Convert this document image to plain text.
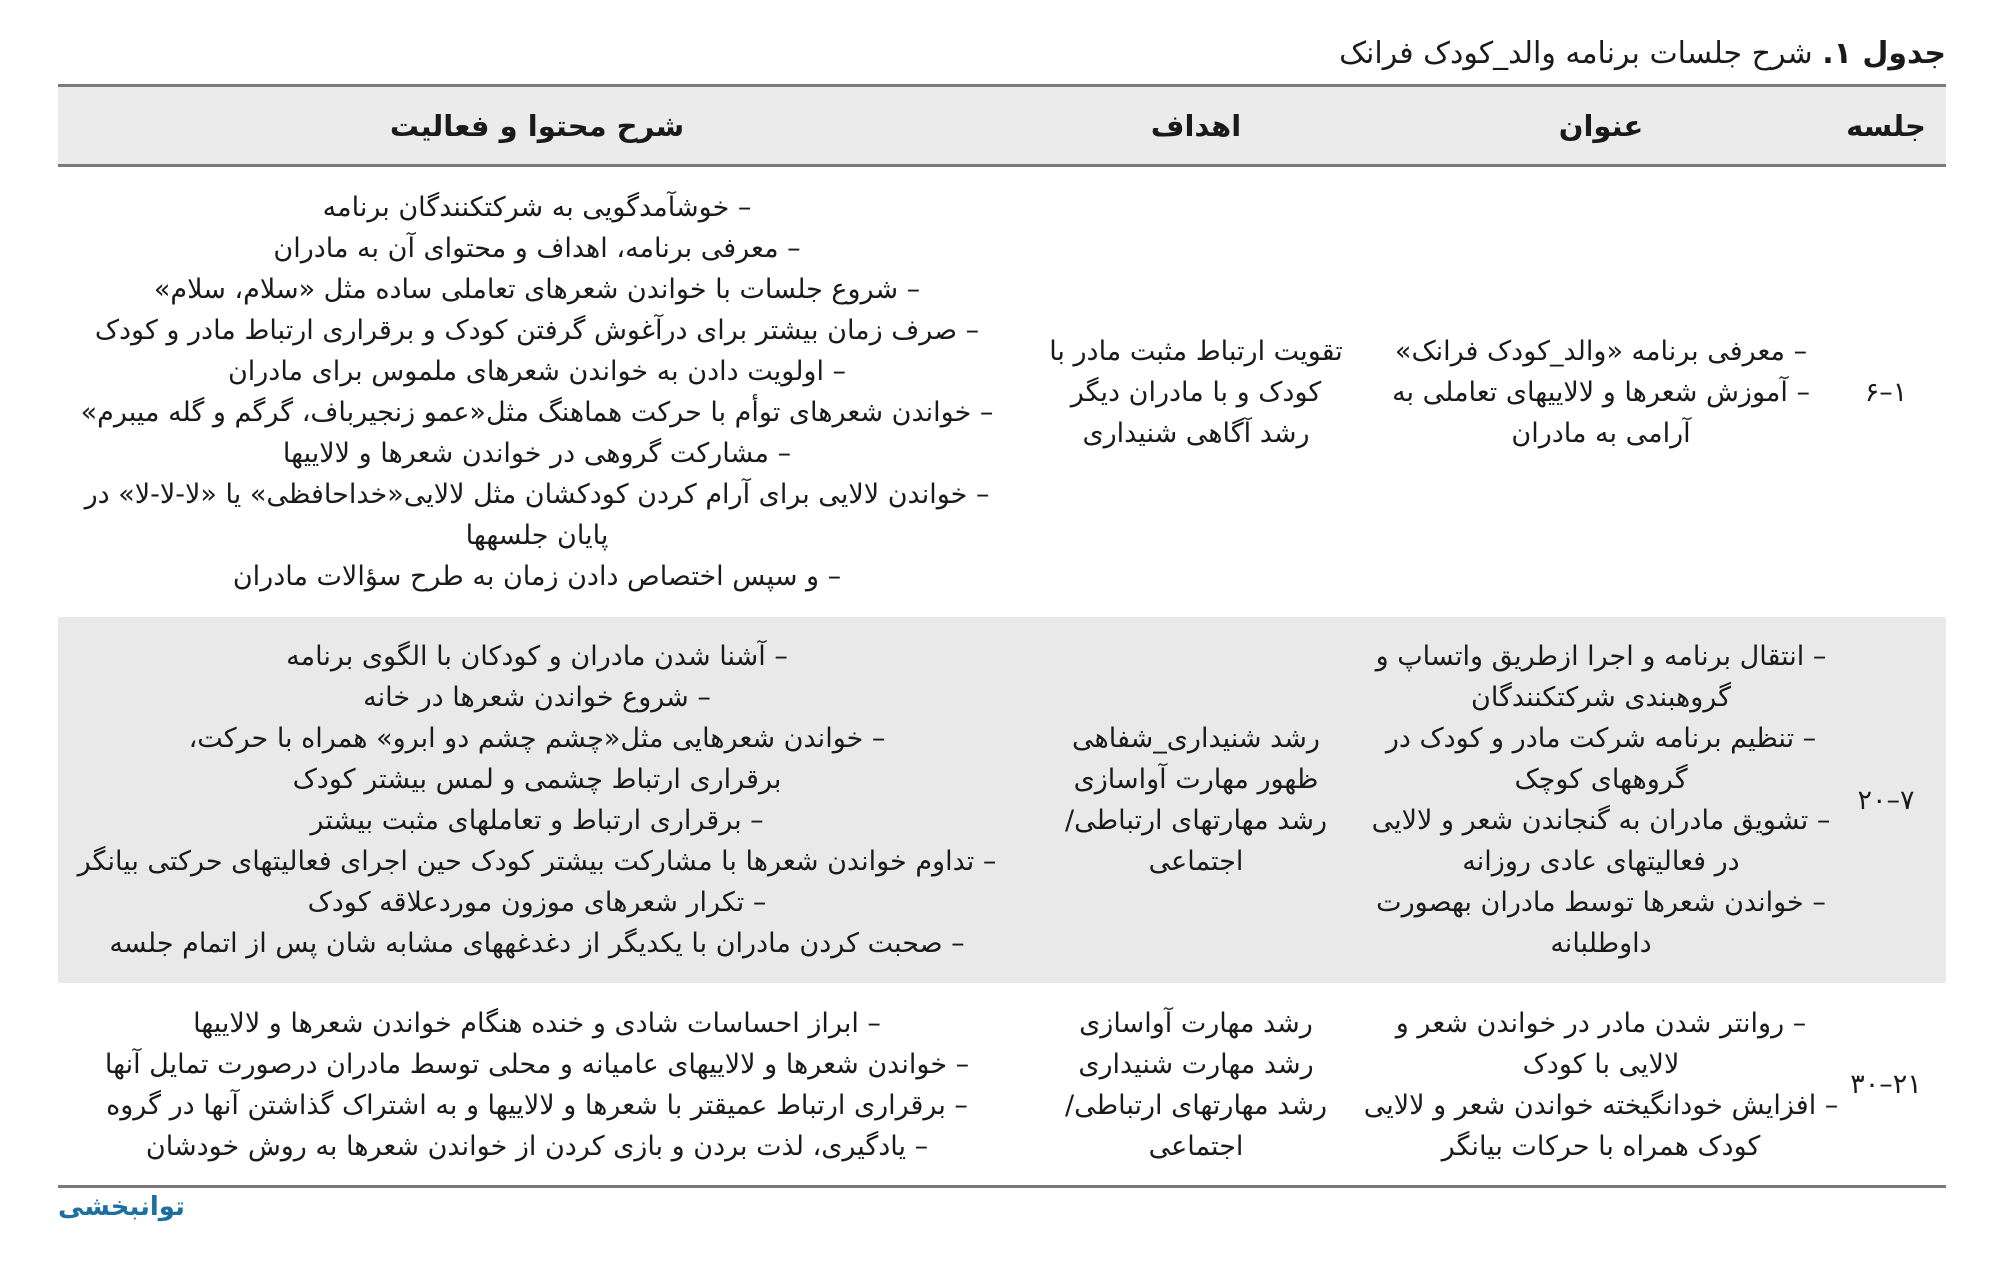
جدول ۱. شرح جلسات برنامه والد_کودک فرانک
جلسه
عنوان
اهداف
شرح محتوا و فعالیت
۱–۶
– معرفی برنامه «والد_کودک فرانک»
– آموزش شعرها و لالاییهای تعاملی به
آرامی به مادران
تقویت ارتباط مثبت مادر با
کودک و با مادران دیگر
رشد آگاهی شنیداری
– خوشآمدگویی به شرکتکنندگان برنامه
– معرفی برنامه، اهداف و محتوای آن به مادران
– شروع جلسات با خواندن شعرهای تعاملی ساده مثل «سلام، سلام»
– صرف زمان بیشتر برای درآغوش گرفتن کودک و برقراری ارتباط مادر و کودک
– اولویت دادن به خواندن شعرهای ملموس برای مادران
– خواندن شعرهای توأم با حرکت هماهنگ مثل«عمو زنجیرباف، گرگم و گله میبرم»
– مشارکت گروهی در خواندن شعرها و لالاییها
– خواندن لالایی برای آرام کردن کودکشان مثل لالایی«خداحافظی» یا «لا-لا-لا» در
پایان جلسهها
– و سپس اختصاص دادن زمان به طرح سؤالات مادران
۷–۲۰
– انتقال برنامه و اجرا ازطریق واتساپ و
گروهبندی شرکتکنندگان
– تنظیم برنامه شرکت مادر و کودک در
گروههای کوچک
– تشویق مادران به گنجاندن شعر و لالایی
در فعالیتهای عادی روزانه
– خواندن شعرها توسط مادران بهصورت
داوطلبانه
رشد شنیداری_شفاهی
ظهور مهارت آواسازی
رشد مهارتهای ارتباطی/
اجتماعی
– آشنا شدن مادران و کودکان با الگوی برنامه
– شروع خواندن شعرها در خانه
– خواندن شعرهایی مثل«چشم چشم دو ابرو» همراه با حرکت،
برقراری ارتباط چشمی و لمس بیشتر کودک
– برقراری ارتباط و تعاملهای مثبت بیشتر
– تداوم خواندن شعرها با مشارکت بیشتر کودک حین اجرای فعالیتهای حرکتی بیانگر
– تکرار شعرهای موزون موردعلاقه کودک
– صحبت کردن مادران با یکدیگر از دغدغههای مشابه شان پس از اتمام جلسه
۲۱–۳۰
– روانتر شدن مادر در خواندن شعر و
لالایی با کودک
– افزایش خودانگیخته خواندن شعر و لالایی
کودک همراه با حرکات بیانگر
رشد مهارت آواسازی
رشد مهارت شنیداری
رشد مهارتهای ارتباطی/
اجتماعی
– ابراز احساسات شادی و خنده هنگام خواندن شعرها و لالاییها
– خواندن شعرها و لالاییهای عامیانه و محلی توسط مادران درصورت تمایل آنها
– برقراری ارتباط عمیقتر با شعرها و لالاییها و به اشتراک گذاشتن آنها در گروه
– یادگیری، لذت بردن و بازی کردن از خواندن شعرها به روش خودشان
توانبخشی
